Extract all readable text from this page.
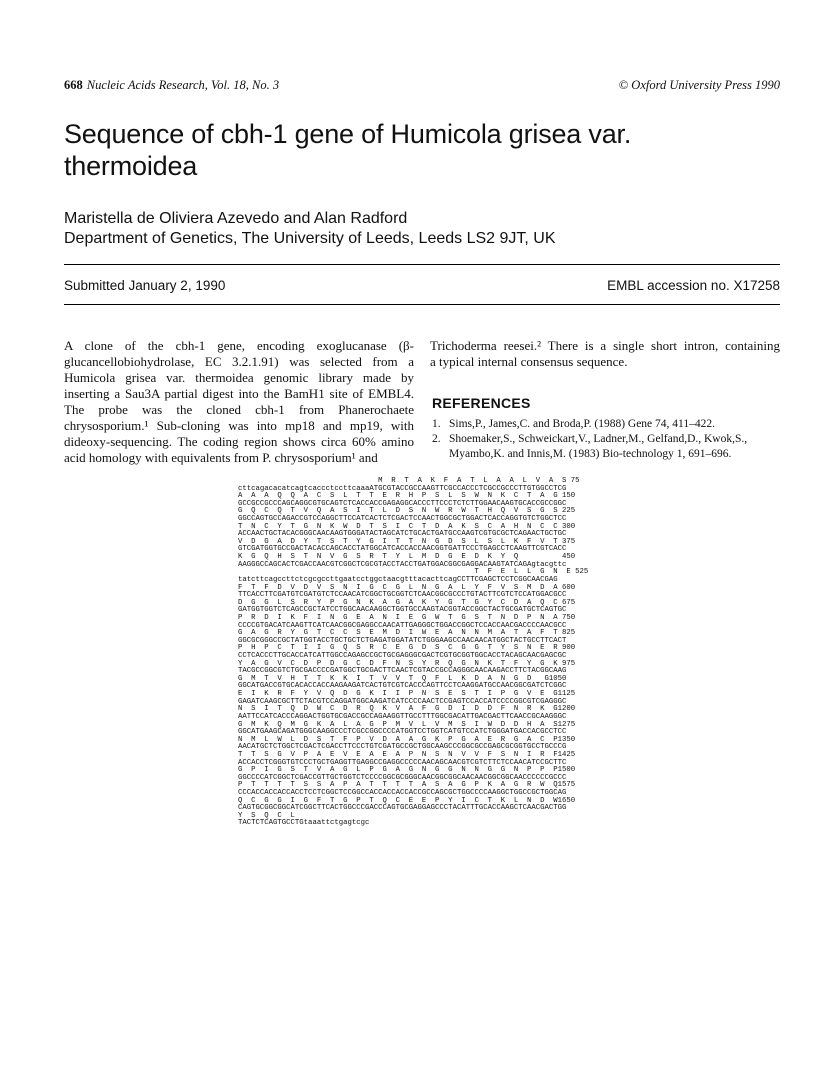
668 Nucleic Acids Research, Vol. 18, No. 3	© Oxford University Press 1990
Sequence of cbh-1 gene of Humicola grisea var.
thermoidea
Maristella de Oliviera Azevedo and Alan Radford
Department of Genetics, The University of Leeds, Leeds LS2 9JT, UK
Submitted January 2, 1990	EMBL accession no. X17258
A clone of the cbh-1 gene, encoding exoglucanase (β-
glucancellobiohydrolase, EC 3.2.1.91) was selected from a
Humicola grisea var. thermoidea genomic library made by
inserting a Sau3A partial digest into the BamH1 site of EMBL4.
The probe was the cloned cbh-1 from Phanerochaete
chrysosporium.¹ Sub-cloning was into mp18 and mp19, with
dideoxy-sequencing. The coding region shows circa 60% amino
acid homology with equivalents from P. chrysosporium¹ and
Trichoderma reesei.² There is a single short intron, containing
a typical internal consensus sequence.
REFERENCES
1. Sims,P., James,C. and Broda,P. (1988) Gene 74, 411–422.
2. Shoemaker,S., Schweickart,V., Ladner,M., Gelfand,D., Kwok,S., Myambo,K. and Innis,M. (1983) Bio-technology 1, 691–696.
M  R  T  A  K  F  A  T  L  A  A  L  V  A  S 75
cttcagacacatcagtcaccctccttcaaaATGCGTACCGCCAAGTTCGCCACCCTCGCCGCCCTTGTGGCCTCG
A  A  A  Q  Q  A  C  S  L  T  T  E  R  H  P  S  L  S  W  N  K  C  T  A  G 150
GCCGCCGCCCAGCAGGCGTGCAGTCTCACCACCGAGAGGCACCCTTCCCTCTCTTGGAACAAGTGCACCGCCGGC
G  Q  C  Q  T  V  Q  A  S  I  T  L  D  S  N  W  R  W  T  H  Q  V  S  G  S 225
GGCCAGTGCCAGACCGTCCAGGCTTCCATCACTCTCGACTCCAACTGGCGCTGGACTCACCAGGTGTCTGGCTCC
T  N  C  Y  T  G  N  K  W  D  T  S  I  C  T  D  A  K  S  C  A  H  N  C  C 300
ACCAACTGCTACACGGGCAACAAGTGGGATACTAGCATCTGCACTGATGCCAAGTCGTGCGCTCAGAACTGCTGC
V  D  G  A  D  Y  T  S  T  Y  G  I  T  T  N  G  D  S  L  S  L  K  F  V  T 375
GTCGATGGTGCCGACTACACCAGCACCTATGGCATCACCACCAACGGTGATTCCCTGAGCCTCAAGTTCGTCACC
K  G  Q  H  S  T  N  V  G  S  R  T  Y  L  M  D  G  E  D  K  Y  Q          450
AAGGGCCAGCACTCGACCAACGTCGGCTCGCGTACCTACCTGATGGACGGCGAGGACAAGTATCAGAgtacgttc
T  F  E  L  L  G  N  E 525
tatcttcagccttctcgcgccttgaatcctggctaacgtttacacttcagCCTTCGAGCTCCTCGGCAACGAG
F  T  F  D  V  D  V  S  N  I  G  C  G  L  N  G  A  L  Y  F  V  S  M  D  A 600
TTCACCTTCGATGTCGATGTCTCCAACATCGGCTGCGGTCTCAACGGCGCCCTGTACTTCGTCTCCATGGACGCC
D  G  G  L  S  R  Y  P  G  N  K  A  G  A  K  Y  G  T  G  Y  C  D  A  Q  C 675
GATGGTGGTCTCAGCCGCTATCCTGGCAACAAGGCTGGTGCCAAGTACGGTACCGGCTACTGCGATGCTCAGTGC
P  R  D  I  K  F  I  N  G  E  A  N  I  E  G  W  T  G  S  T  N  D  P  N  A 750
CCCCGTGACATCAAGTTCATCAACGGCGAGGCCAACATTGAGGGCTGGACCGGCTCCACCAACGACCCCAACGCC
G  A  G  R  Y  G  T  C  C  S  E  M  D  I  W  E  A  N  N  M  A  T  A  F  T 825
GGCGCGGGCCGCTATGGTACCTGCTGCTCTGAGATGGATATCTGGGAAGCCAACAACATGGCTACTGCCTTCACT
P  H  P  C  T  I  I  G  Q  S  R  C  E  G  D  S  C  G  G  T  Y  S  N  E  R 900
CCTCACCCTTGCACCATCATTGGCCAGAGCCGCTGCGAGGGCGACTCGTGCGGTGGCACCTACAGCAACGAGCGC
Y  A  G  V  C  D  P  D  G  C  D  F  N  S  Y  R  Q  G  N  K  T  F  Y  G  K 975
TACGCCGGCGTCTGCGACCCCGATGGCTGCGACTTCAACTCGTACCGCCAGGGCAACAAGACCTTCTACGGCAAG
G  M  T  V  H  T  T  K  K  I  T  V  V  T  Q  F  L  K  D  A  N  G  D   G1050
GGCATGACCGTGCACACCACCAAGAAGATCACTGTCGTCACCCAGTTCCTCAAGGATGCCAACGGCGATCTCGGC
E  I  K  R  F  Y  V  Q  D  G  K  I  I  P  N  S  E  S  T  I  P  G  V  E  G1125
GAGATCAAGCGCTTCTACGTCCAGGATGGCAAGATCATCCCCAACTCCGAGTCCACCATCCCCGGCGTCGAGGGC
N  S  I  T  Q  D  W  C  D  R  Q  K  V  A  F  G  D  I  D  D  F  N  R  K  G1200
AATTCCATCACCCAGGACTGGTGCGACCGCCAGAAGGTTGCCTTTGGCGACATTGACGACTTCAACCGCAAGGGC
G  M  K  Q  M  G  K  A  L  A  G  P  M  V  L  V  M  S  I  W  D  D  H  A  S1275
GGCATGAAGCAGATGGGCAAGGCCCTCGCCGGCCCCATGGTCCTGGTCATGTCCATCTGGGATGACCACGCCTCC
N  M  L  W  L  D  S  T  F  P  V  D  A  A  G  K  P  G  A  E  R  G  A  C  P1350
AACATGCTCTGGCTCGACTCGACCTTCCCTGTCGATGCCGCTGGCAAGCCCGGCGCCGAGCGCGGTGCCTGCCCG
T  T  S  G  V  P  A  E  V  E  A  E  A  P  N  S  N  V  V  F  S  N  I  R  F1425
ACCACCTCGGGTGTCCCTGCTGAGGTTGAGGCCGAGGCCCCCAACAGCAACGTCGTCTTCTCCAACATCCGCTTC
G  P  I  G  S  T  V  A  G  L  P  G  A  G  N  G  G  N  N  G  G  N  P  P  P1500
GGCCCCATCGGCTCGACCGTTGCTGGTCTCCCCGGCGCGGGCAACGGCGGCAACAACGGCGGCAACCCCCCGCCC
P  T  T  T  T  S  S  A  P  A  T  T  T  T  A  S  A  G  P  K  A  G  R  W  Q1575
CCCACCACCACCACCTCCTCGGCTCCGGCCACCACCACCACCGCCAGCGCTGGCCCCAAGGCTGGCCGCTGGCAG
Q  C  G  G  I  G  F  T  G  P  T  Q  C  E  E  P  Y  I  C  T  K  L  N  D  W1650
CAGTGCGGCGGCATCGGCTTCACTGGCCCGACCCAGTGCGAGGAGCCCTACATTTGCACCAAGCTCAACGACTGG
Y  S  Q  C  L
TACTCTCAGTGCCTGtaaattctgagtcgc
